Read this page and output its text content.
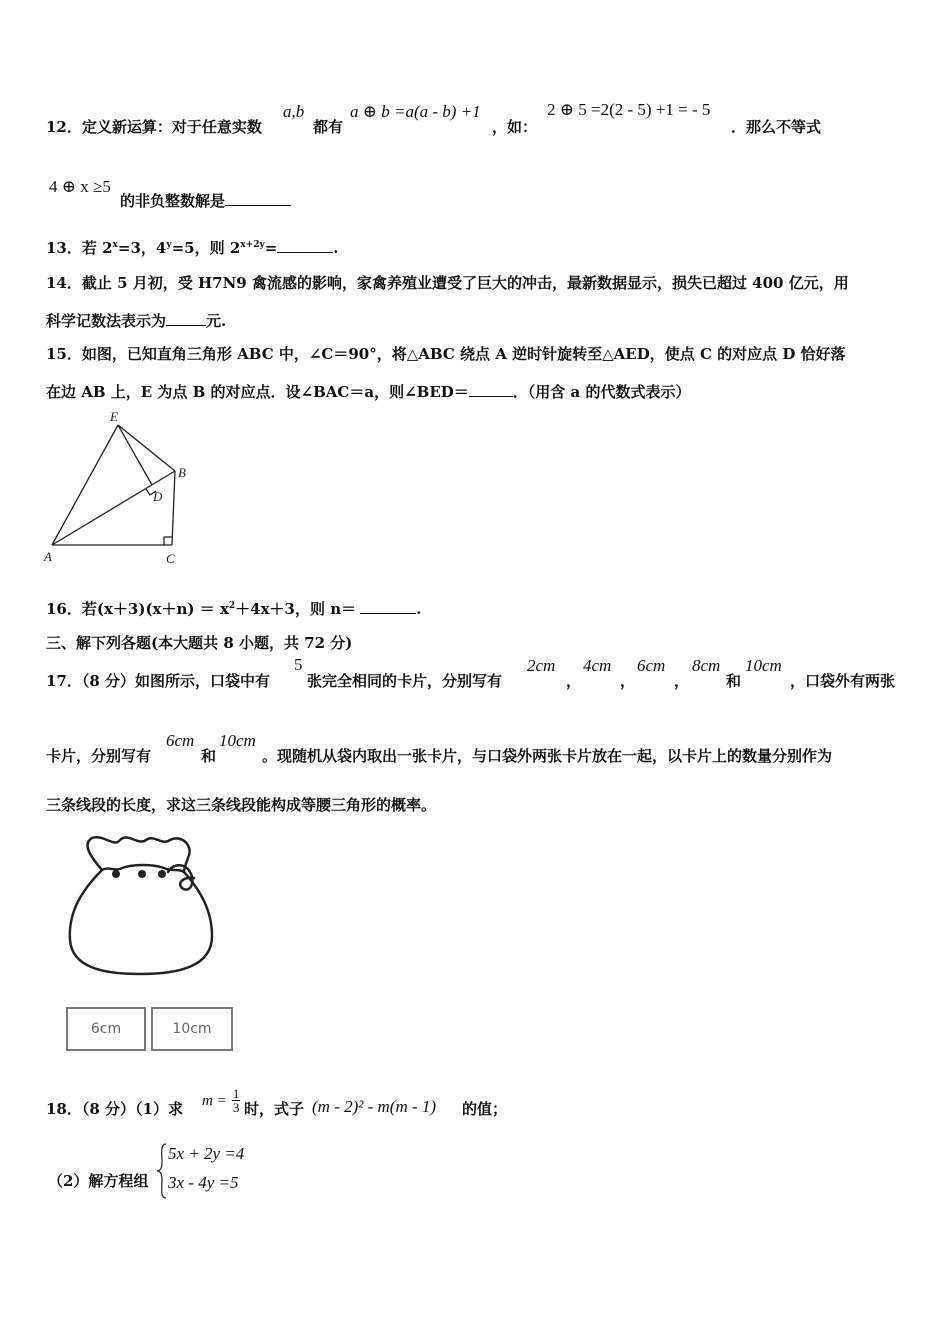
12．定义新运算：对于任意实数
a,b
都有
a ⊕ b =a(a - b) +1
，如：
2 ⊕ 5 =2(2 - 5) +1 = - 5
．那么不等式
4 ⊕ x ≥5
的非负整数解是
13．若 $2^x=3$，$4^y=5$，则 $2^{x+2y}=$	.
14．截止 5 月初，受 H7N9 禽流感的影响，家禽养殖业遭受了巨大的冲击，最新数据显示，损失已超过 400 亿元，用
科学记数法表示为	元.
15．如图，已知直角三角形 ABC 中，∠C＝90°，将△ABC 绕点 A 逆时针旋转至△AED，使点 C 的对应点 D 恰好落
在边 AB 上，E 为点 B 的对应点．设∠BAC＝a，则∠BED＝	．（用含 a 的代数式表示）
E
B
D
A	C
16．若$(x+3)(x+n) = x^2+4x+3$，则 n＝	.
三、解下列各题(本大题共 8 小题，共 72 分)
17．（8 分）如图所示，口袋中有
5
张完全相同的卡片，分别写有
2cm
，
4cm
，
6cm
，
8cm
和
10cm
，口袋外有两张
卡片，分别写有
6cm
和
10cm
。现随机从袋内取出一张卡片，与口袋外两张卡片放在一起，以卡片上的数量分别作为
三条线段的长度，求这三条线段能构成等腰三角形的概率。
6cm	10cm
18．（8 分）（1）求 $m = \frac{1}{3}$ 时，式子 (m - 2)² - m(m - 1) 的值；
（2）解方程组
5x + 2y =4
3x - 4y =5
